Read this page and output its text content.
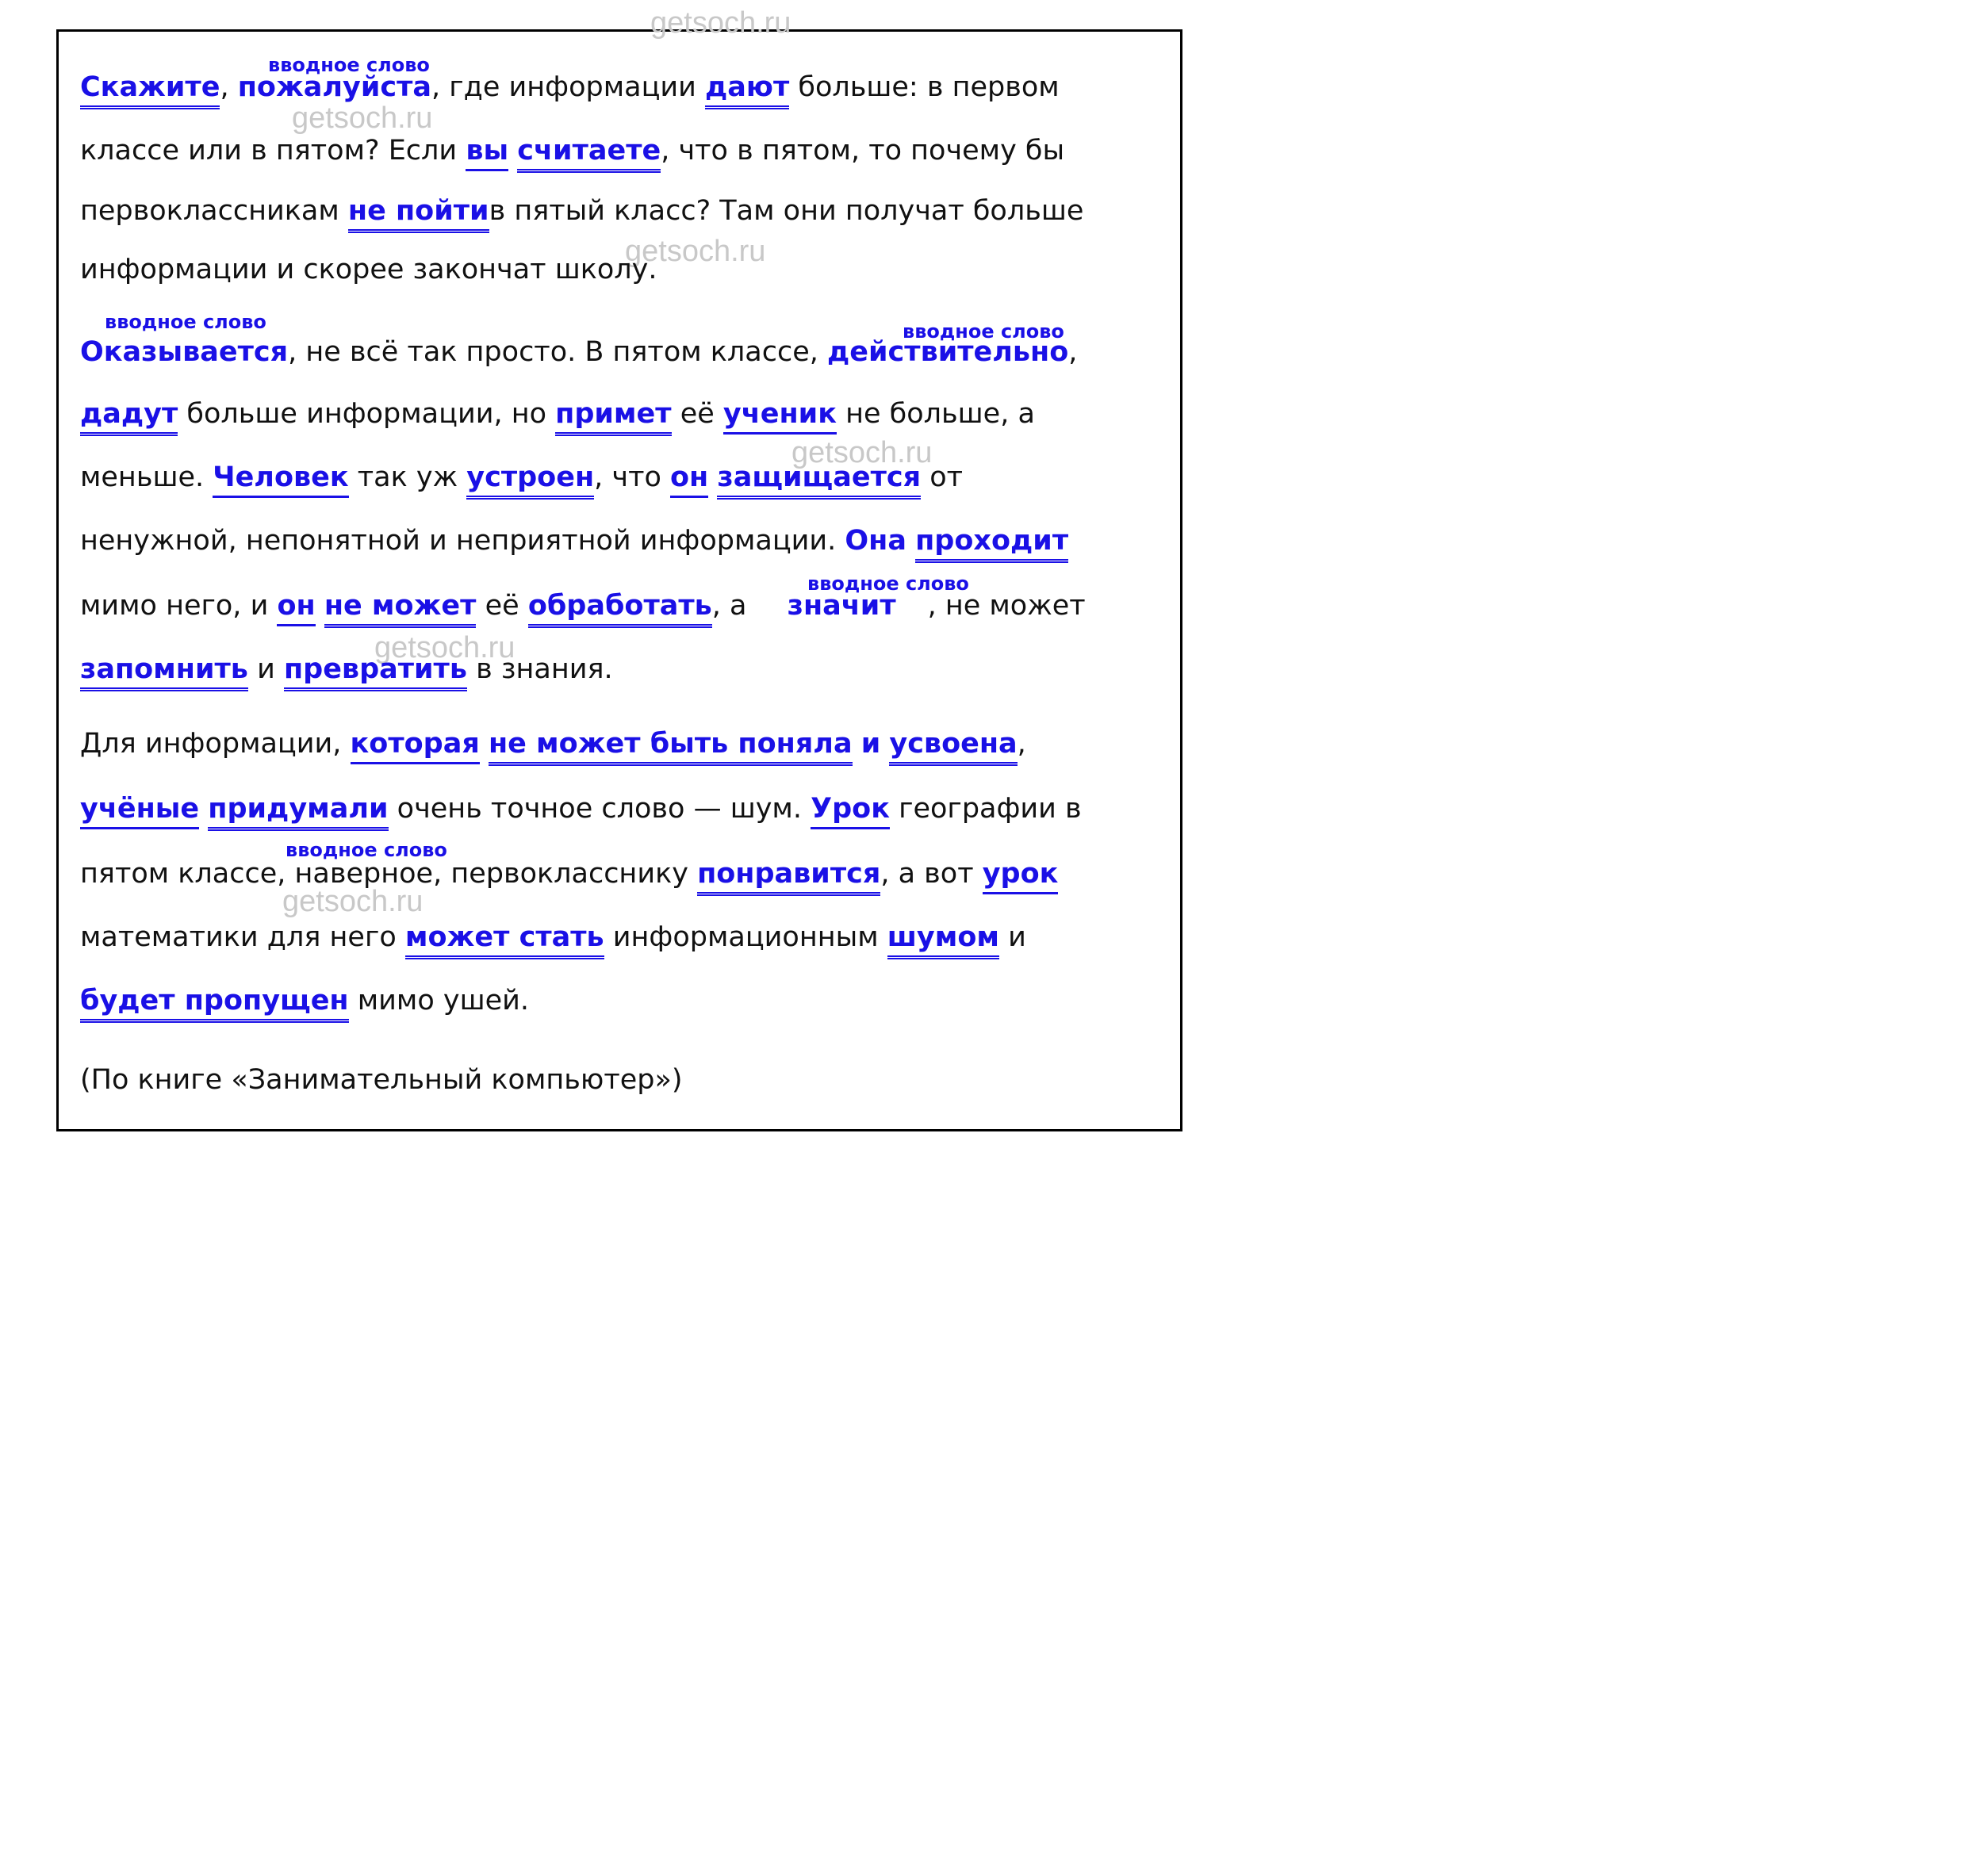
getsoch.ru
getsoch.ru
getsoch.ru
getsoch.ru
getsoch.ru
getsoch.ru
вводное слово
вводное слово	вводное слово
вводное слово
вводное слово
Скажите, пожалуйста, где информации дают больше: в первом
классе или в пятом? Если вы считаете, что в пятом, то почему бы
первоклассникам не пойтив пятый класс? Там они получат больше
информации и скорее закончат школу.
Оказывается, не всё так просто. В пятом классе, действительно,
дадут больше информации, но примет её ученик не больше, а
меньше. Человек так уж устроен, что он защищается от
ненужной, непонятной и неприятной информации. Она проходит
мимо него, и он не может её обработать, а значит , не может
запомнить и превратить в знания.
Для информации, которая не может быть поняла и усвоена,
учёные придумали очень точное слово — шум. Урок географии в
пятом классе, наверное, первокласснику понравится, а вот урок
математики для него может стать информационным шумом и
будет пропущен мимо ушей.
(По книге «Занимательный компьютер»)
